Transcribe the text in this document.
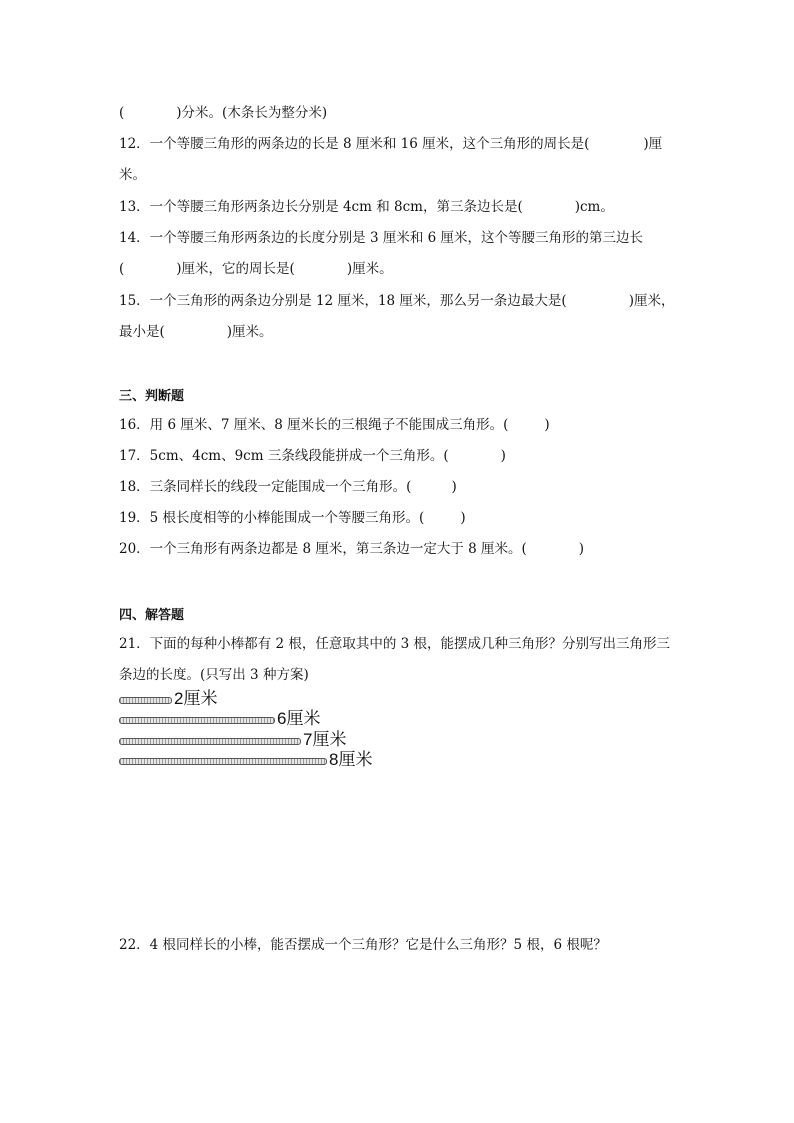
(	)分米。(木条长为整分米)
12．一个等腰三角形的两条边的长是 8 厘米和 16 厘米，这个三角形的周长是(	)厘
米。
13．一个等腰三角形两条边长分别是 4cm 和 8cm，第三条边长是(	)cm。
14．一个等腰三角形两条边的长度分别是 3 厘米和 6 厘米，这个等腰三角形的第三边长
(	)厘米，它的周长是(	)厘米。
15．一个三角形的两条边分别是 12 厘米，18 厘米，那么另一条边最大是(	)厘米，
最小是(	)厘米。
三、判断题
16．用 6 厘米、7 厘米、8 厘米长的三根绳子不能围成三角形。(	)
17．5cm、4cm、9cm 三条线段能拼成一个三角形。(	)
18．三条同样长的线段一定能围成一个三角形。(	)
19．5 根长度相等的小棒能围成一个等腰三角形。(	)
20．一个三角形有两条边都是 8 厘米，第三条边一定大于 8 厘米。(	)
四、解答题
21．下面的每种小棒都有 2 根，任意取其中的 3 根，能摆成几种三角形？分别写出三角形三
条边的长度。(只写出 3 种方案)
2厘米
6厘米
7厘米
8厘米
22．4 根同样长的小棒，能否摆成一个三角形？它是什么三角形？5 根，6 根呢？
